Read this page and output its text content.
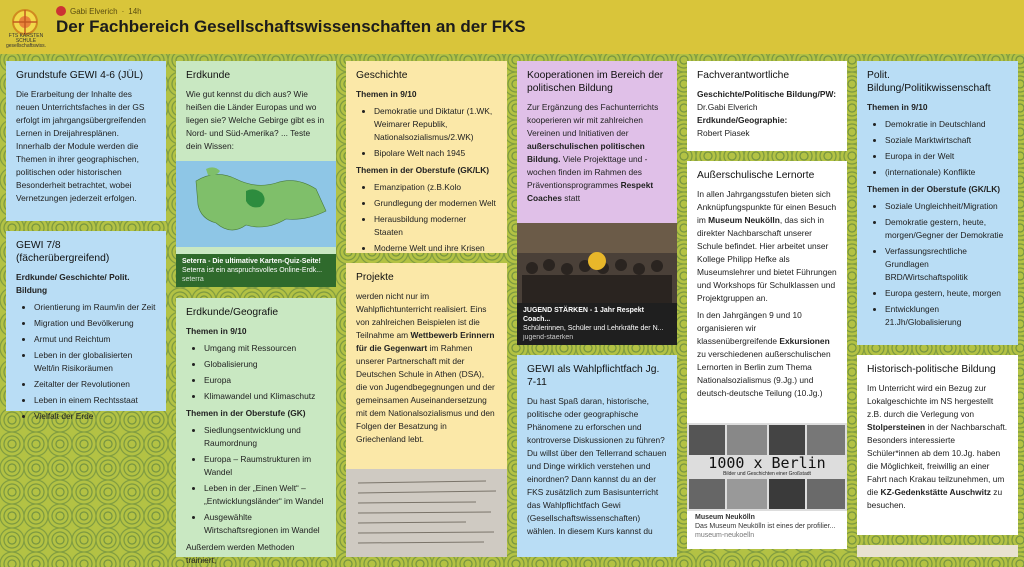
FTS KARSTEN SCHULE gesellschaftswiss.
Gabi Elverich · 14h
Der Fachbereich Gesellschaftswissenschaften an der FKS
Grundstufe GEWI 4-6 (JÜL)

Die Erarbeitung der Inhalte des neuen Unterrichtsfaches in der GS erfolgt im jahrgangsübergreifenden Lernen in Dreijahresplänen. Innerhalb der Module werden die Themen in ihrer geographischen, politischen oder historischen Besonderheit betrachtet, wobei Vernetzungen jederzeit erfolgen.

GEWI 7/8 (fächerübergreifend)

Erdkunde/ Geschichte/ Polit. Bildung

• Orientierung im Raum/in der Zeit
• Migration und Bevölkerung
• Armut und Reichtum
• Leben in der globalisierten Welt/in Risikoräumen
• Zeitalter der Revolutionen
• Leben in einem Rechtsstaat
• Vielfalt der Erde
Erdkunde

Wie gut kennst du dich aus? Wie heißen die Länder Europas und wo liegen sie? Welche Gebirge gibt es in Nord- und Süd-Amerika? ... Teste dein Wissen:

Seterra - Die ultimative Karten-Quiz-Seite!
Seterra ist ein anspruchsvolles Online-Erdk...
seterra
Erdkunde/Geografie

Themen in 9/10

• Umgang mit Ressourcen
• Globalisierung
• Europa
• Klimawandel und Klimaschutz

Themen in der Oberstufe (GK)

• Siedlungsentwicklung und Raumordnung
• Europa – Raumstrukturen im Wandel
• Leben in der „Einen Welt“ – „Entwicklungsländer“ im Wandel
• Ausgewählte Wirtschaftsregionen im Wandel

Außerdem werden Methoden trainiert,

Geschichte

Themen in 9/10

• Demokratie und Diktatur (1.WK, Weimarer Republik, Nationalsozialismus/2.WK)
• Bipolare Welt nach 1945

Themen in der Oberstufe (GK/LK)

• Emanzipation (z.B.Kolo
• Grundlegung der modernen Welt
• Herausbildung moderner Staaten
• Moderne Welt und ihre Krisen
Projekte

werden nicht nur im Wahlpflichtunterricht realisiert. Eins von zahlreichen Beispielen ist die Teilnahme am Wettbewerb Erinnern für die Gegenwart im Rahmen unserer Partnerschaft mit der Deutschen Schule in Athen (DSA), die von Jugendbegegnungen und der gemeinsamen Auseinandersetzung mit dem Nationalsozialismus und den Folgen der Besatzung in Griechenland lebt.

Kooperationen im Bereich der politischen Bildung

Zur Ergänzung des Fachunterrichts kooperieren wir mit zahlreichen Vereinen und Initiativen der außerschulischen politischen Bildung. Viele Projekttage und -wochen finden im Rahmen des Präventionsprogrammes Respekt Coaches statt

JUGEND STÄRKEN - 1 Jahr Respekt Coach...
Schülerinnen, Schüler und Lehrkräfte der N...
jugend-staerken
GEWI als Wahlpflichtfach Jg. 7-11

Du hast Spaß daran, historische, politische oder geographische Phänomene zu erforschen und kontroverse Diskussionen zu führen? Du willst über den Tellerrand schauen und Dinge wirklich verstehen und einordnen? Dann kannst du an der FKS zusätzlich zum Basisunterricht das Wahlpflichtfach Gewi (Gesellschaftswissenschaften) wählen. In diesem Kurs kannst du

Fachverantwortliche

Geschichte/Politische Bildung/PW:

Dr.Gabi Elverich

Erdkunde/Geographie:

Robert Piasek

Außerschulische Lernorte

In allen Jahrgangsstufen bieten sich Anknüpfungspunkte für einen Besuch im Museum Neukölln, das sich in direkter Nachbarschaft unserer Schule befindet. Hier arbeitet unser Kollege Philipp Hefke als Museumslehrer und bietet Führungen und Workshops für Schulklassen und Projektgruppen an.

In den Jahrgängen 9 und 10 organisieren wir klassenübergreifende Exkursionen zu verschiedenen außerschulischen Lernorten in Berlin zum Thema Nationalsozialismus (9.Jg.) und deutsch-deutsche Teilung (10.Jg.)

1000 x Berlin
Bilder und Geschichten einer Großstadt
Museum Neukölln
Das Museum Neukölln ist eines der profilier...
museum-neukoelln
Polit. Bildung/Politikwissenschaft

Themen in 9/10

• Demokratie in Deutschland
• Soziale Marktwirtschaft
• Europa in der Welt
• (internationale) Konflikte

Themen in der Oberstufe (GK/LK)

• Soziale Ungleichheit/Migration
• Demokratie gestern, heute, morgen/Gegner der Demokratie
• Verfassungsrechtliche Grundlagen BRD/Wirtschaftspolitik
• Europa gestern, heute, morgen
• Entwicklungen 21.Jh/Globalisierung
Historisch-politische Bildung

Im Unterricht wird ein Bezug zur Lokalgeschichte im NS hergestellt z.B. durch die Verlegung von Stolpersteinen in der Nachbarschaft. Besonders interessierte Schüler*innen ab dem 10.Jg. haben die Möglichkeit, freiwillig an einer Fahrt nach Krakau teilzunehmen, um die KZ-Gedenkstätte Auschwitz zu besuchen.
